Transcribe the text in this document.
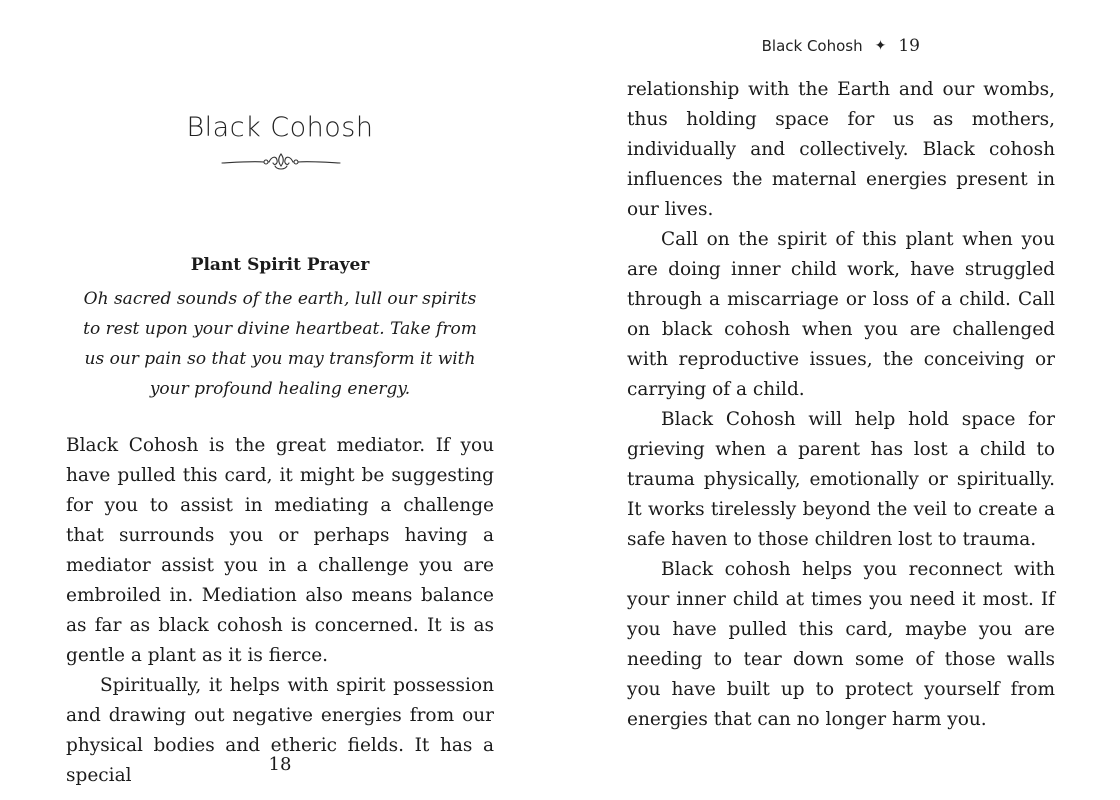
Black Cohosh
Plant Spirit Prayer
Oh sacred sounds of the earth, lull our spirits to rest upon your divine heartbeat. Take from us our pain so that you may transform it with your profound healing energy.

Black Cohosh is the great mediator. If you have pulled this card, it might be suggesting for you to assist in mediating a challenge that surrounds you or perhaps having a mediator assist you in a challenge you are embroiled in. Mediation also means balance as far as black cohosh is concerned. It is as gentle a plant as it is fierce.

Spiritually, it helps with spirit possession and drawing out negative energies from our physical bodies and etheric fields. It has a special

18
Black Cohosh ✦ 19

relationship with the Earth and our wombs, thus holding space for us as mothers, individually and collectively. Black cohosh influences the maternal energies present in our lives.

Call on the spirit of this plant when you are doing inner child work, have struggled through a miscarriage or loss of a child. Call on black cohosh when you are challenged with reproductive issues, the conceiving or carrying of a child.

Black Cohosh will help hold space for grieving when a parent has lost a child to trauma physically, emotionally or spiritually. It works tirelessly beyond the veil to create a safe haven to those children lost to trauma.

Black cohosh helps you reconnect with your inner child at times you need it most. If you have pulled this card, maybe you are needing to tear down some of those walls you have built up to protect yourself from energies that can no longer harm you.
